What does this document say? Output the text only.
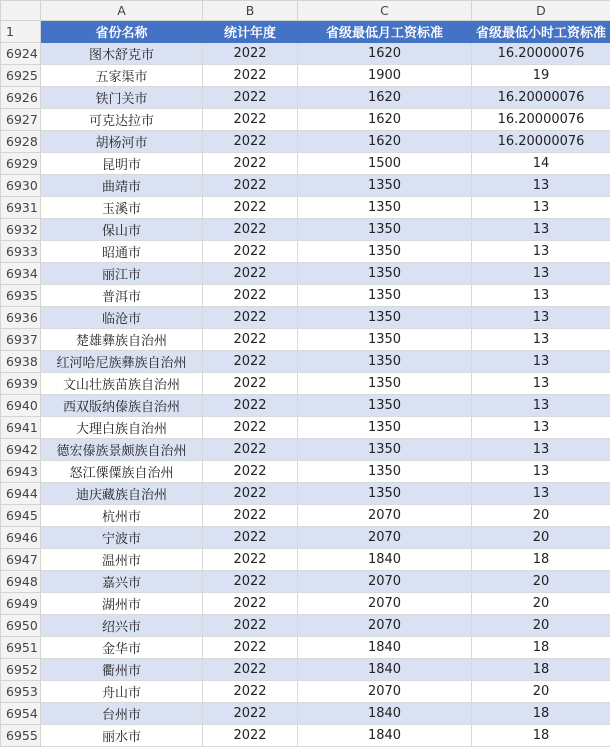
	A	B	C	D
1	省份名称	统计年度	省级最低月工资标准	省级最低小时工资标准
6924	图木舒克市	2022	1620	16.20000076
6925	五家渠市	2022	1900	19
6926	铁门关市	2022	1620	16.20000076
6927	可克达拉市	2022	1620	16.20000076
6928	胡杨河市	2022	1620	16.20000076
6929	昆明市	2022	1500	14
6930	曲靖市	2022	1350	13
6931	玉溪市	2022	1350	13
6932	保山市	2022	1350	13
6933	昭通市	2022	1350	13
6934	丽江市	2022	1350	13
6935	普洱市	2022	1350	13
6936	临沧市	2022	1350	13
6937	楚雄彝族自治州	2022	1350	13
6938	红河哈尼族彝族自治州	2022	1350	13
6939	文山壮族苗族自治州	2022	1350	13
6940	西双版纳傣族自治州	2022	1350	13
6941	大理白族自治州	2022	1350	13
6942	德宏傣族景颇族自治州	2022	1350	13
6943	怒江傈僳族自治州	2022	1350	13
6944	迪庆藏族自治州	2022	1350	13
6945	杭州市	2022	2070	20
6946	宁波市	2022	2070	20
6947	温州市	2022	1840	18
6948	嘉兴市	2022	2070	20
6949	湖州市	2022	2070	20
6950	绍兴市	2022	2070	20
6951	金华市	2022	1840	18
6952	衢州市	2022	1840	18
6953	舟山市	2022	2070	20
6954	台州市	2022	1840	18
6955	丽水市	2022	1840	18
